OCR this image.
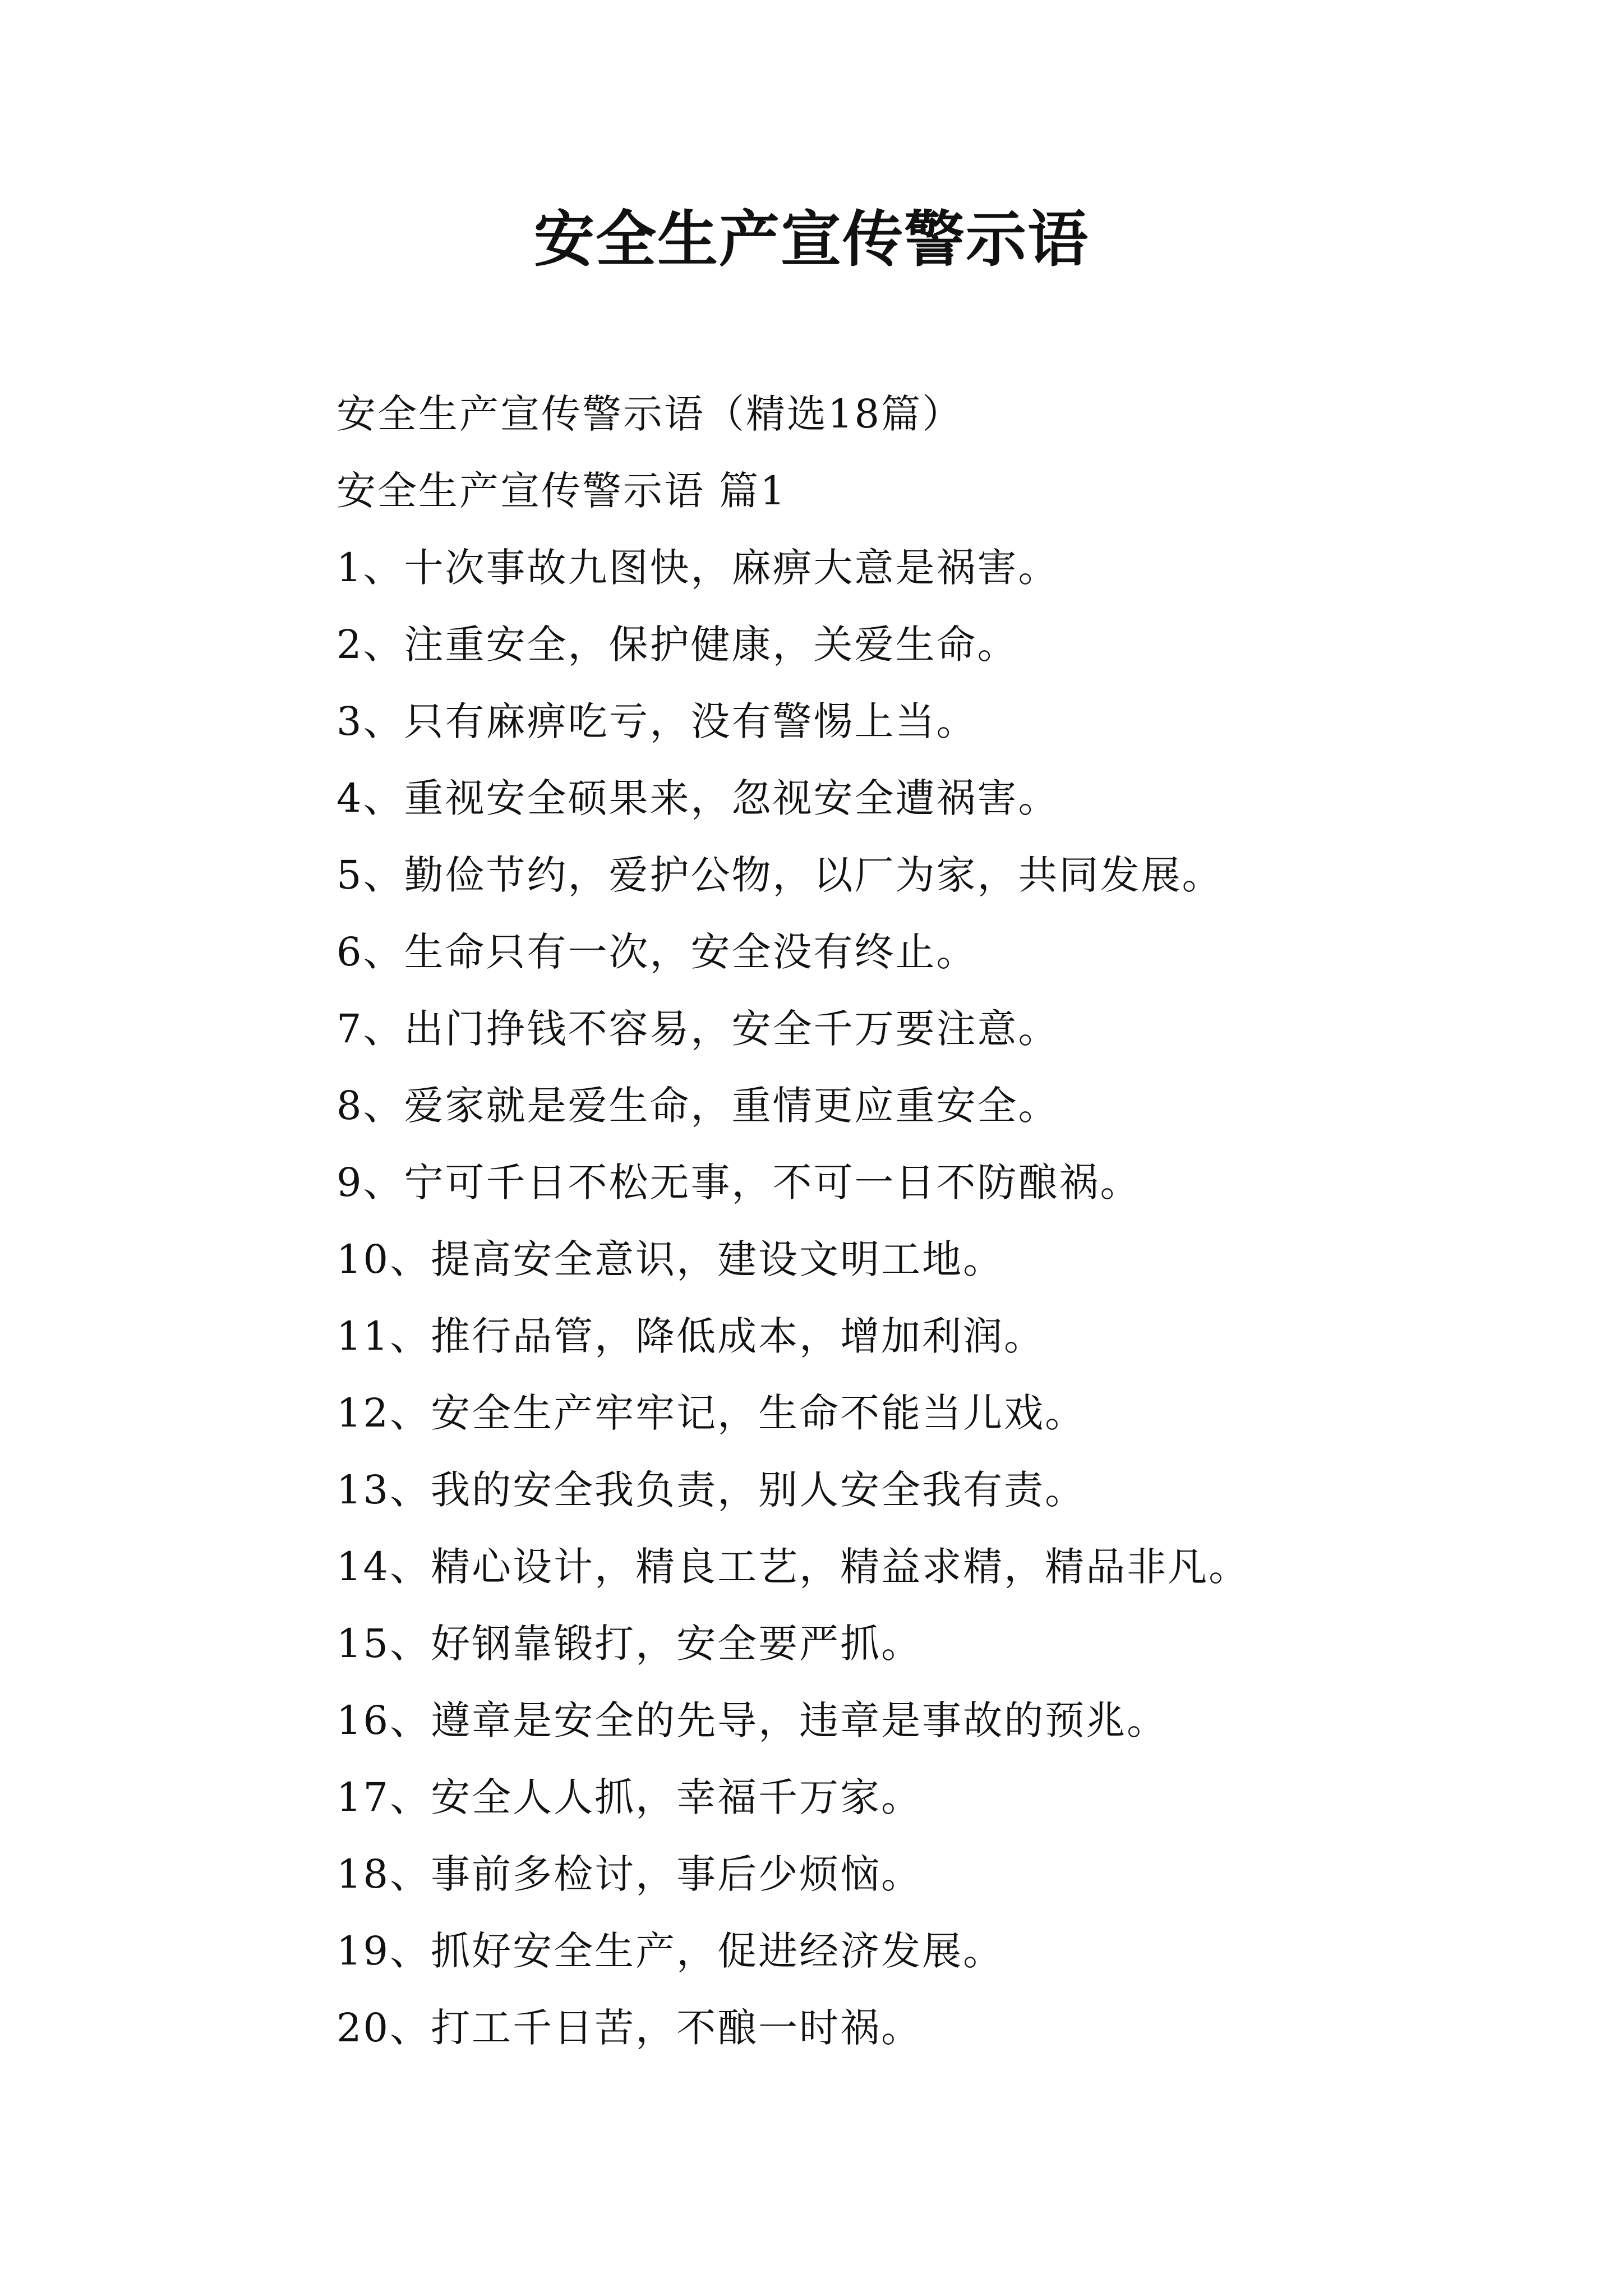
安全生产宣传警示语
安全生产宣传警示语（精选18篇）
安全生产宣传警示语 篇1
1、十次事故九图快，麻痹大意是祸害。
2、注重安全，保护健康，关爱生命。
3、只有麻痹吃亏，没有警惕上当。
4、重视安全硕果来，忽视安全遭祸害。
5、勤俭节约，爱护公物，以厂为家，共同发展。
6、生命只有一次，安全没有终止。
7、出门挣钱不容易，安全千万要注意。
8、爱家就是爱生命，重情更应重安全。
9、宁可千日不松无事，不可一日不防酿祸。
10、提高安全意识，建设文明工地。
11、推行品管，降低成本，增加利润。
12、安全生产牢牢记，生命不能当儿戏。
13、我的安全我负责，别人安全我有责。
14、精心设计，精良工艺，精益求精，精品非凡。
15、好钢靠锻打，安全要严抓。
16、遵章是安全的先导，违章是事故的预兆。
17、安全人人抓，幸福千万家。
18、事前多检讨，事后少烦恼。
19、抓好安全生产，促进经济发展。
20、打工千日苦，不酿一时祸。
